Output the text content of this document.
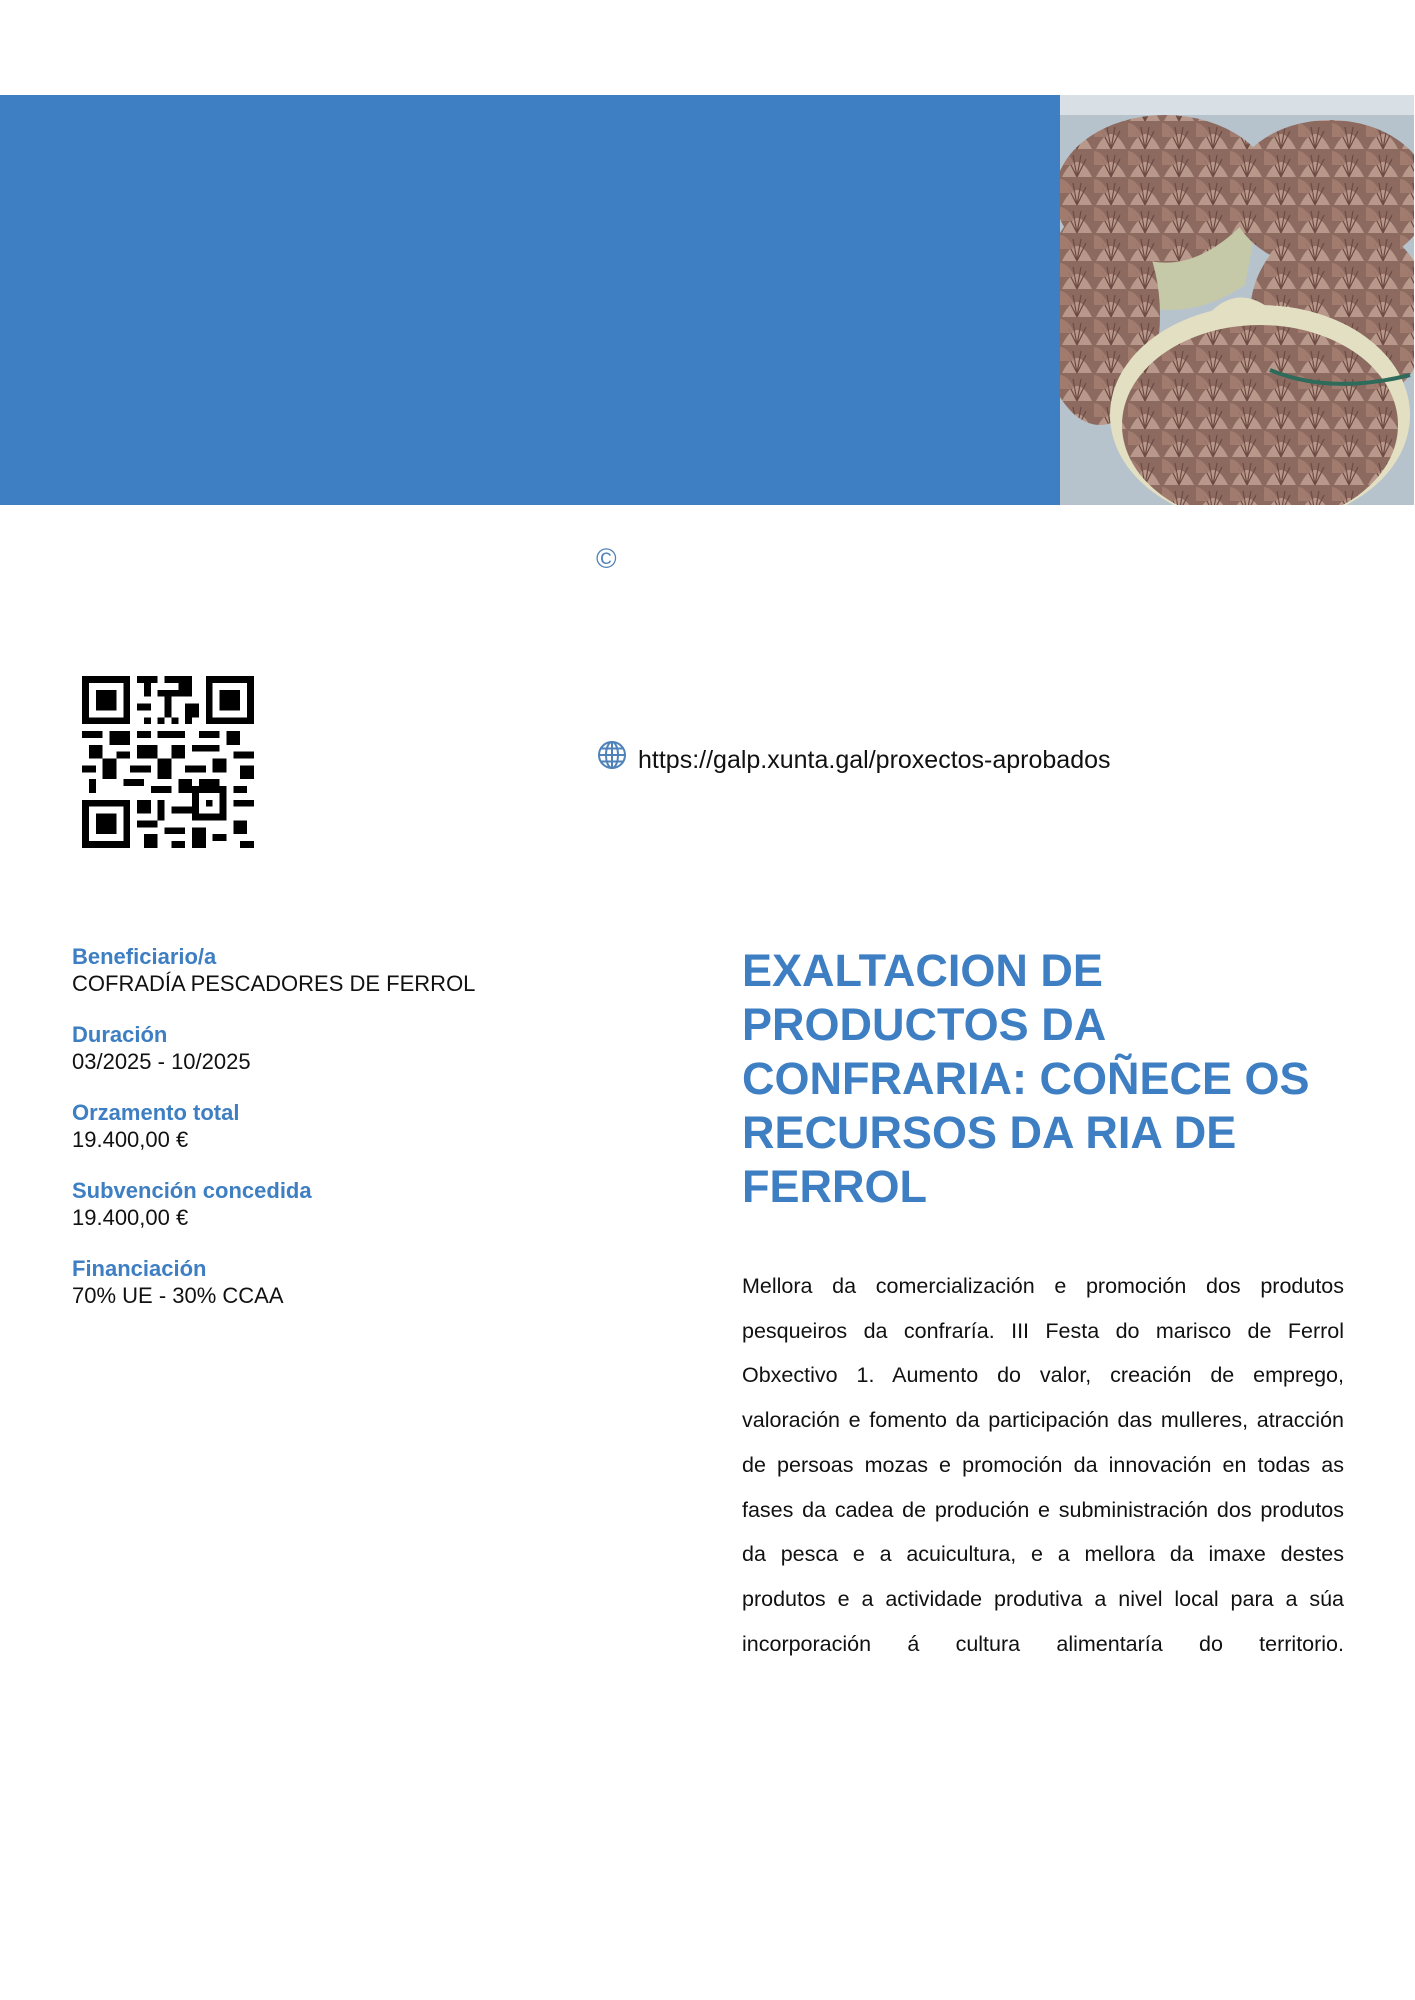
©
https://galp.xunta.gal/proxectos-aprobados
Beneficiario/a
COFRADÍA PESCADORES DE FERROL
Duración
03/2025 - 10/2025
Orzamento total
19.400,00 €
Subvención concedida
19.400,00 €
Financiación
70% UE - 30% CCAA
EXALTACION DE PRODUCTOS DA CONFRARIA: COÑECE OS RECURSOS DA RIA DE FERROL

Mellora da comercialización e promoción dos produtos pesqueiros da confraría. III Festa do marisco de Ferrol Obxectivo 1. Aumento do valor, creación de emprego, valoración e fomento da participación das mulleres, atracción de persoas mozas e promoción da innovación en todas as fases da cadea de produción e subministración dos produtos da pesca e a acuicultura, e a mellora da imaxe destes produtos e a actividade produtiva a nivel local para a súa incorporación á cultura alimentaría do territorio.
